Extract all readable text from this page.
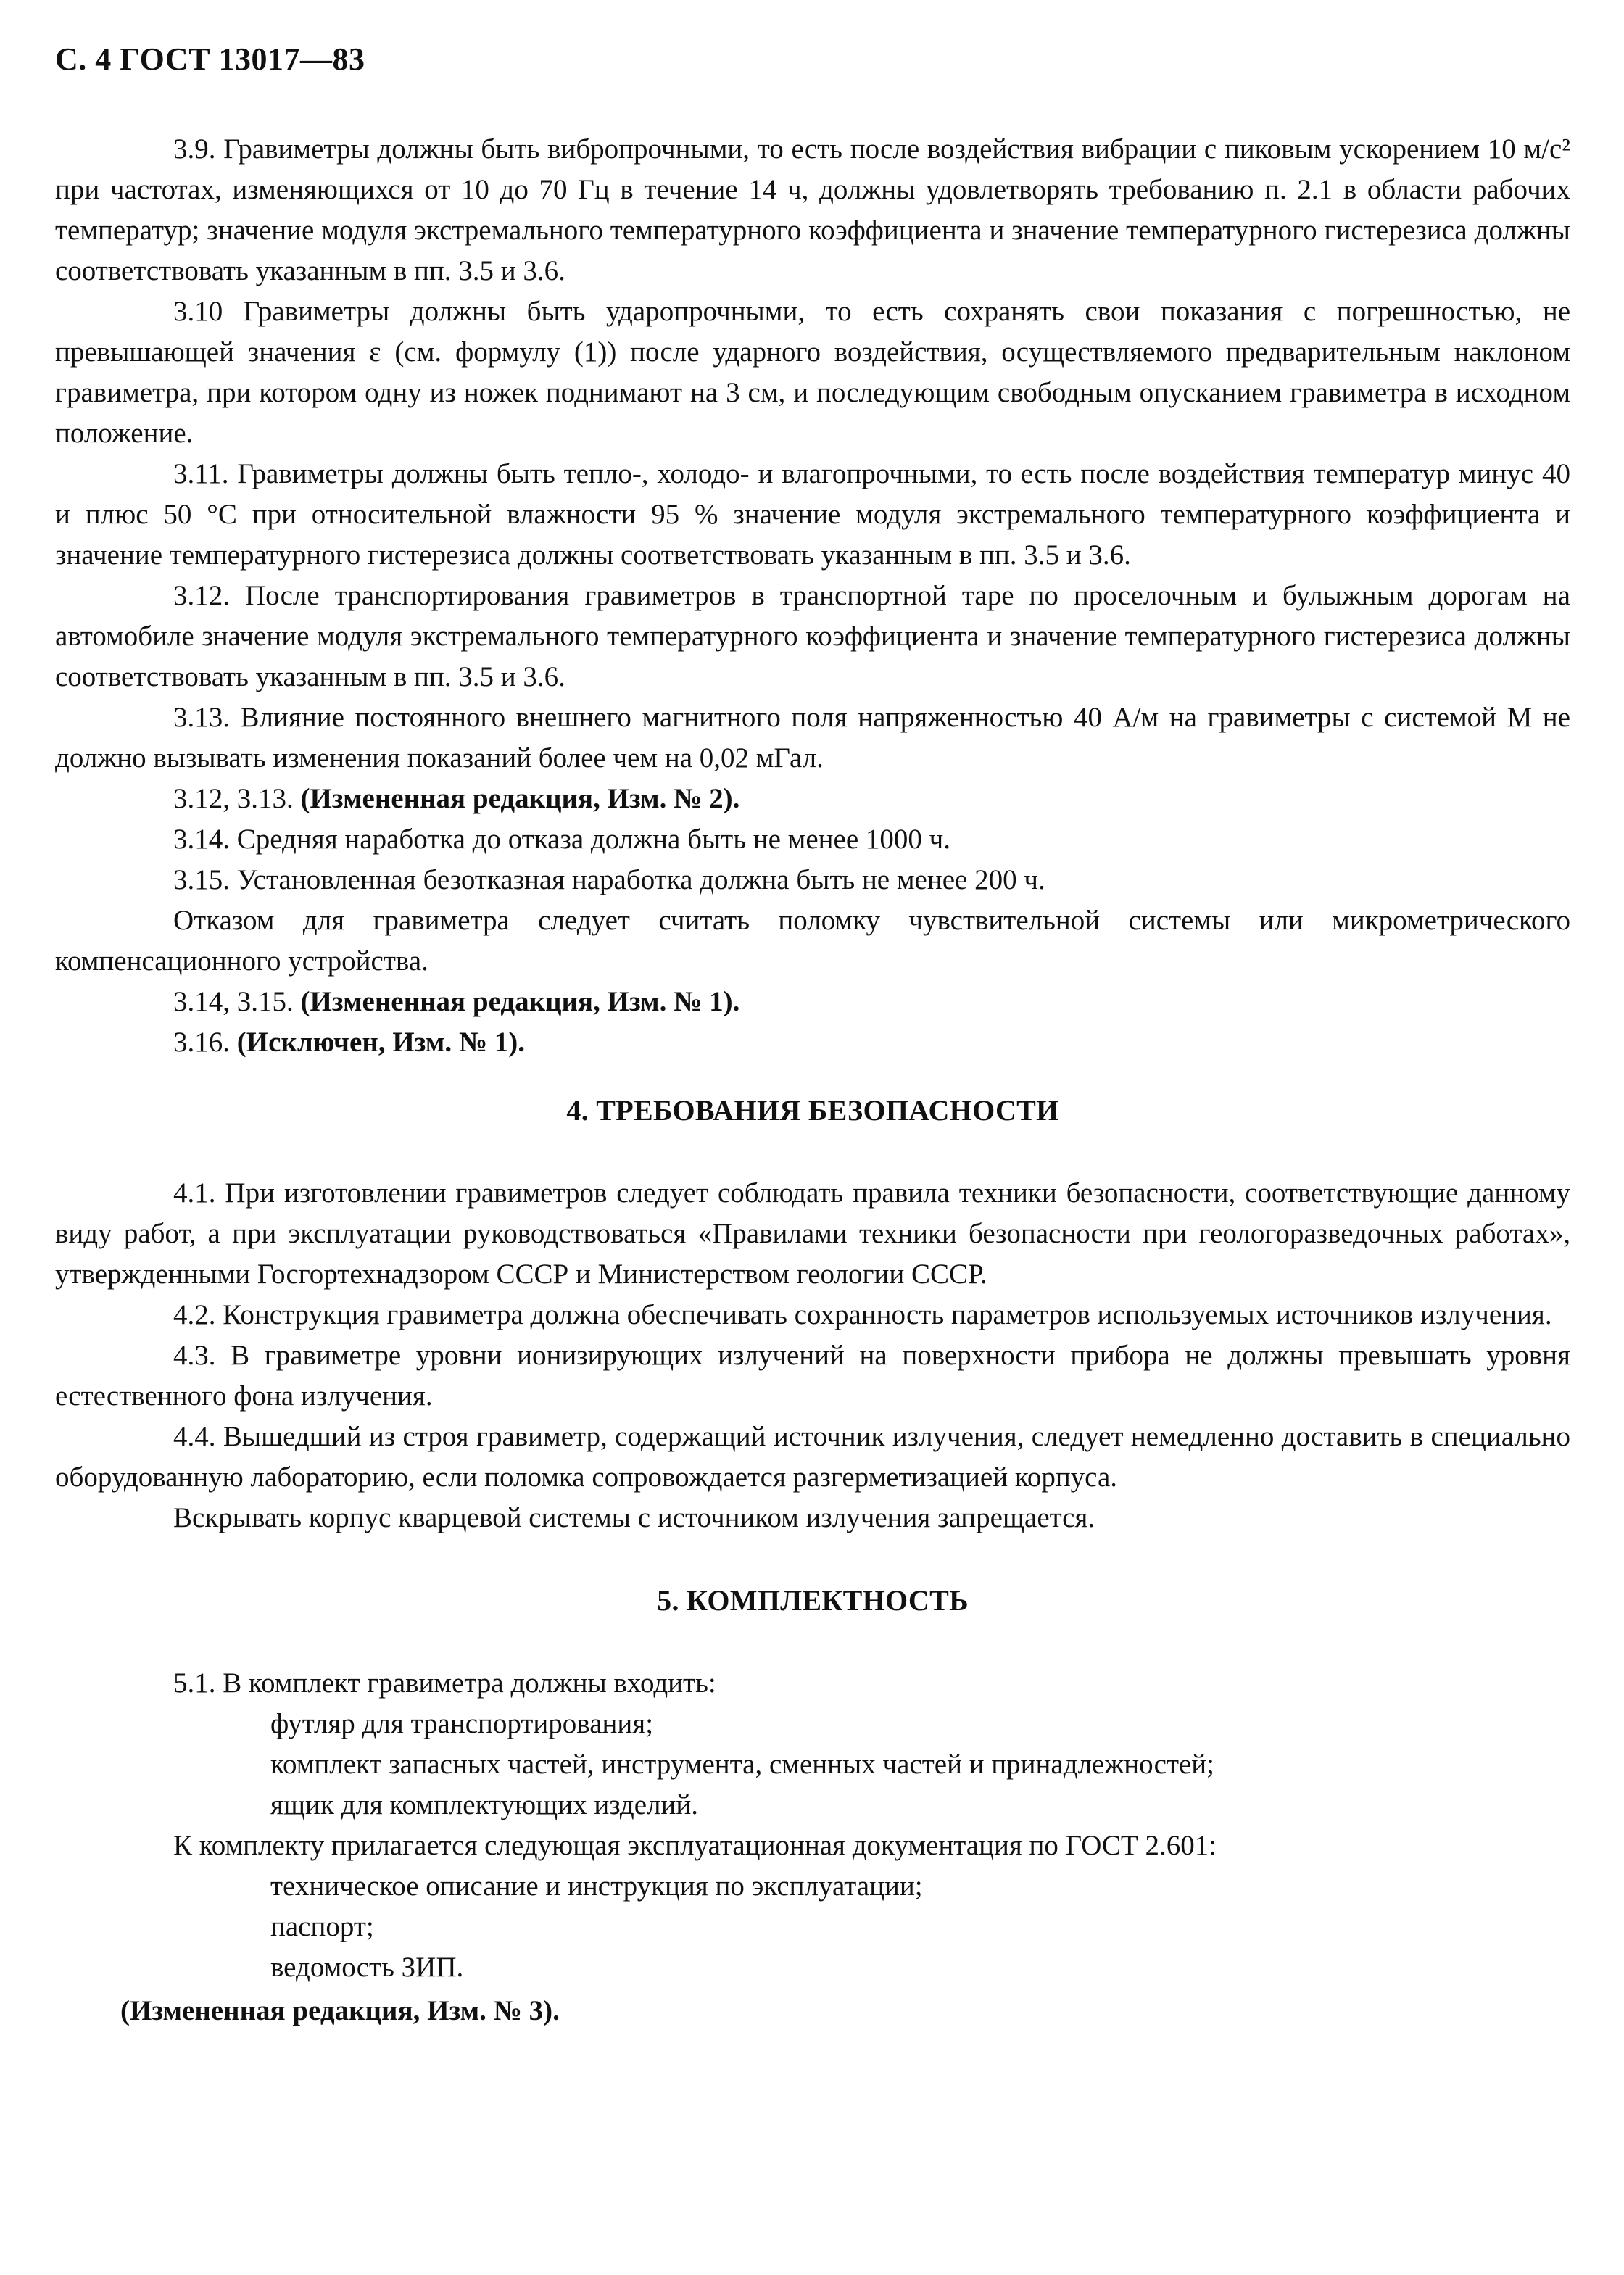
С. 4 ГОСТ 13017—83

3.9. Гравиметры должны быть вибропрочными, то есть после воздействия вибрации с пиковым ускорением 10 м/с² при частотах, изменяющихся от 10 до 70 Гц в течение 14 ч, должны удовлетворять требованию п. 2.1 в области рабочих температур; значение модуля экстремального температурного коэффициента и значение температурного гистерезиса должны соответствовать указанным в пп. 3.5 и 3.6.

3.10 Гравиметры должны быть ударопрочными, то есть сохранять свои показания с погрешностью, не превышающей значения ε (см. формулу (1)) после ударного воздействия, осуществляемого предварительным наклоном гравиметра, при котором одну из ножек поднимают на 3 см, и последующим свободным опусканием гравиметра в исходном положение.

3.11. Гравиметры должны быть тепло-, холодо- и влагопрочными, то есть после воздействия температур минус 40 и плюс 50 °С при относительной влажности 95 % значение модуля экстремального температурного коэффициента и значение температурного гистерезиса должны соответствовать указанным в пп. 3.5 и 3.6.

3.12. После транспортирования гравиметров в транспортной таре по проселочным и булыжным дорогам на автомобиле значение модуля экстремального температурного коэффициента и значение температурного гистерезиса должны соответствовать указанным в пп. 3.5 и 3.6.

3.13. Влияние постоянного внешнего магнитного поля напряженностью 40 А/м на гравиметры с системой М не должно вызывать изменения показаний более чем на 0,02 мГал.

3.12, 3.13. (Измененная редакция, Изм. № 2).

3.14. Средняя наработка до отказа должна быть не менее 1000 ч.

3.15. Установленная безотказная наработка должна быть не менее 200 ч.

Отказом для гравиметра следует считать поломку чувствительной системы или микрометрического компенсационного устройства.

3.14, 3.15. (Измененная редакция, Изм. № 1).

3.16. (Исключен, Изм. № 1).

4. ТРЕБОВАНИЯ БЕЗОПАСНОСТИ

4.1. При изготовлении гравиметров следует соблюдать правила техники безопасности, соответствующие данному виду работ, а при эксплуатации руководствоваться «Правилами техники безопасности при геологоразведочных работах», утвержденными Госгортехнадзором СССР и Министерством геологии СССР.

4.2. Конструкция гравиметра должна обеспечивать сохранность параметров используемых источников излучения.

4.3. В гравиметре уровни ионизирующих излучений на поверхности прибора не должны превышать уровня естественного фона излучения.

4.4. Вышедший из строя гравиметр, содержащий источник излучения, следует немедленно доставить в специально оборудованную лабораторию, если поломка сопровождается разгерметизацией корпуса.

Вскрывать корпус кварцевой системы с источником излучения запрещается.

5. КОМПЛЕКТНОСТЬ

5.1. В комплект гравиметра должны входить:

футляр для транспортирования;

комплект запасных частей, инструмента, сменных частей и принадлежностей;

ящик для комплектующих изделий.

К комплекту прилагается следующая эксплуатационная документация по ГОСТ 2.601:

техническое описание и инструкция по эксплуатации;

паспорт;

ведомость ЗИП.

(Измененная редакция, Изм. № 3).
